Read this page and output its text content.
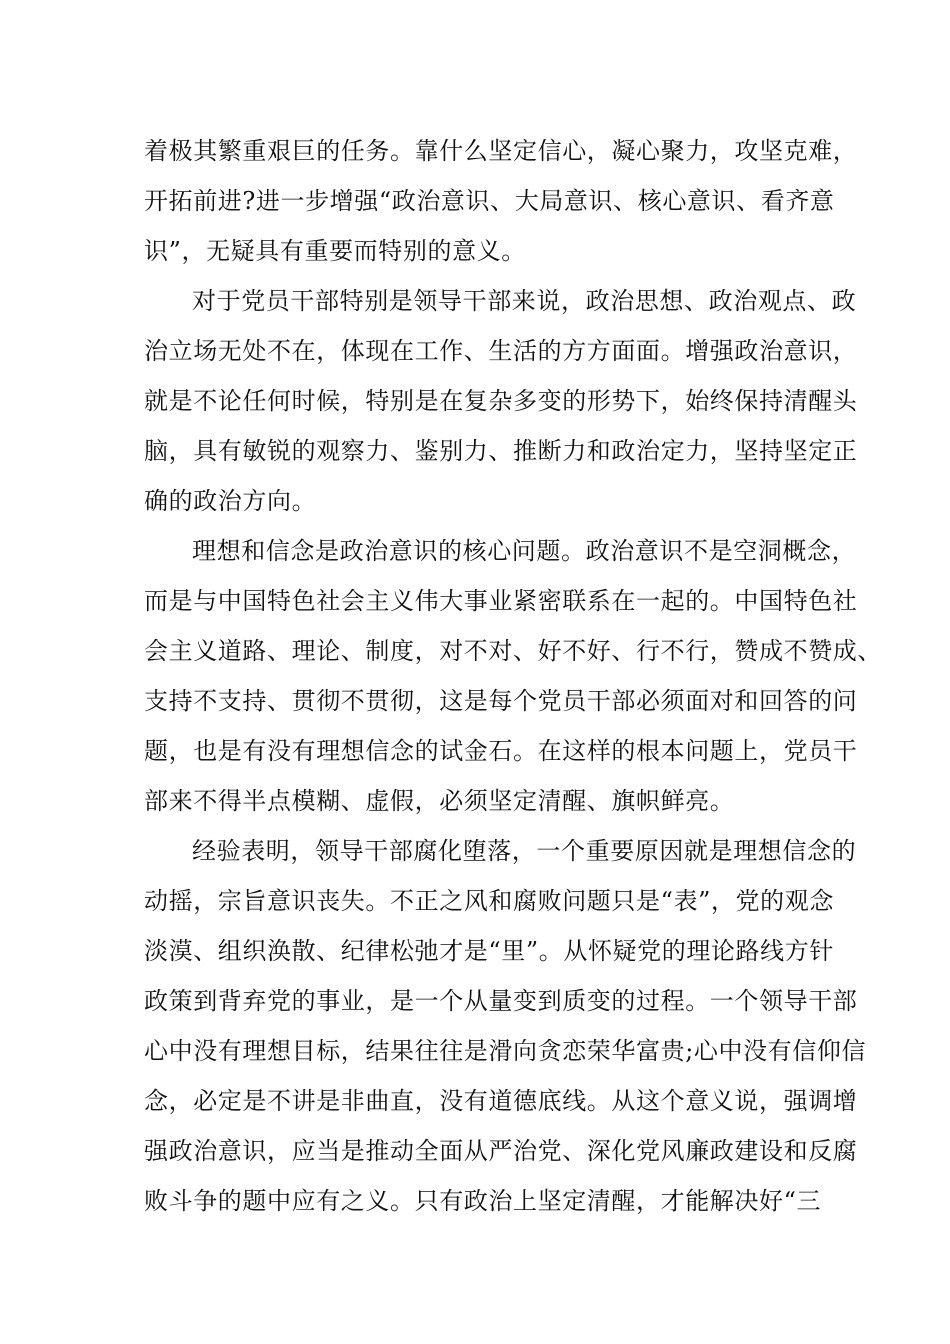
着极其繁重艰巨的任务。靠什么坚定信心，凝心聚力，攻坚克难，
开拓前进?进一步增强“政治意识、大局意识、核心意识、看齐意
识”，无疑具有重要而特别的意义。
对于党员干部特别是领导干部来说，政治思想、政治观点、政
治立场无处不在，体现在工作、生活的方方面面。增强政治意识，
就是不论任何时候，特别是在复杂多变的形势下，始终保持清醒头
脑，具有敏锐的观察力、鉴别力、推断力和政治定力，坚持坚定正
确的政治方向。
理想和信念是政治意识的核心问题。政治意识不是空洞概念，
而是与中国特色社会主义伟大事业紧密联系在一起的。中国特色社
会主义道路、理论、制度，对不对、好不好、行不行，赞成不赞成、
支持不支持、贯彻不贯彻，这是每个党员干部必须面对和回答的问
题，也是有没有理想信念的试金石。在这样的根本问题上，党员干
部来不得半点模糊、虚假，必须坚定清醒、旗帜鲜亮。
经验表明，领导干部腐化堕落，一个重要原因就是理想信念的
动摇，宗旨意识丧失。不正之风和腐败问题只是“表”，党的观念
淡漠、组织涣散、纪律松弛才是“里”。从怀疑党的理论路线方针
政策到背弃党的事业，是一个从量变到质变的过程。一个领导干部
心中没有理想目标，结果往往是滑向贪恋荣华富贵;心中没有信仰信
念，必定是不讲是非曲直，没有道德底线。从这个意义说，强调增
强政治意识，应当是推动全面从严治党、深化党风廉政建设和反腐
败斗争的题中应有之义。只有政治上坚定清醒，才能解决好“三
